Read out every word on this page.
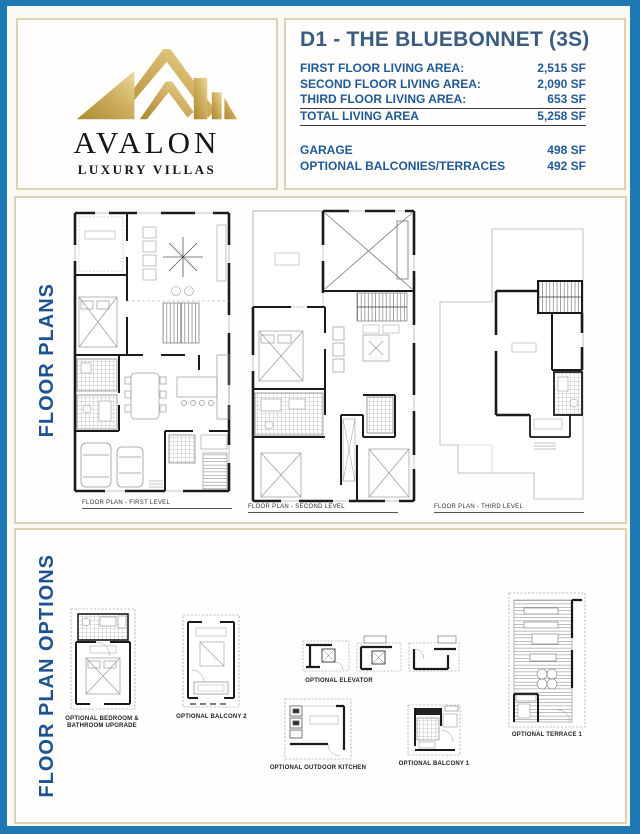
AVALON
LUXURY VILLAS
D1 - THE BLUEBONNET (3S)
FIRST FLOOR LIVING AREA:	2,515 SF
SECOND FLOOR LIVING AREA:	2,090 SF
THIRD FLOOR LIVING AREA:	653 SF
TOTAL LIVING AREA	5,258 SF
GARAGE	498 SF
OPTIONAL BALCONIES/TERRACES	492 SF
FLOOR PLANS
FLOOR PLAN - FIRST LEVEL
FLOOR PLAN - SECOND LEVEL	FLOOR PLAN - THIRD LEVEL
FLOOR PLAN OPTIONS	OPTIONAL BEDROOM & BATHROOM UPGRADE
OPTIONAL BALCONY 2
OPTIONAL ELEVATOR
OPTIONAL OUTDOOR KITCHEN
OPTIONAL BALCONY 1
OPTIONAL TERRACE 1
